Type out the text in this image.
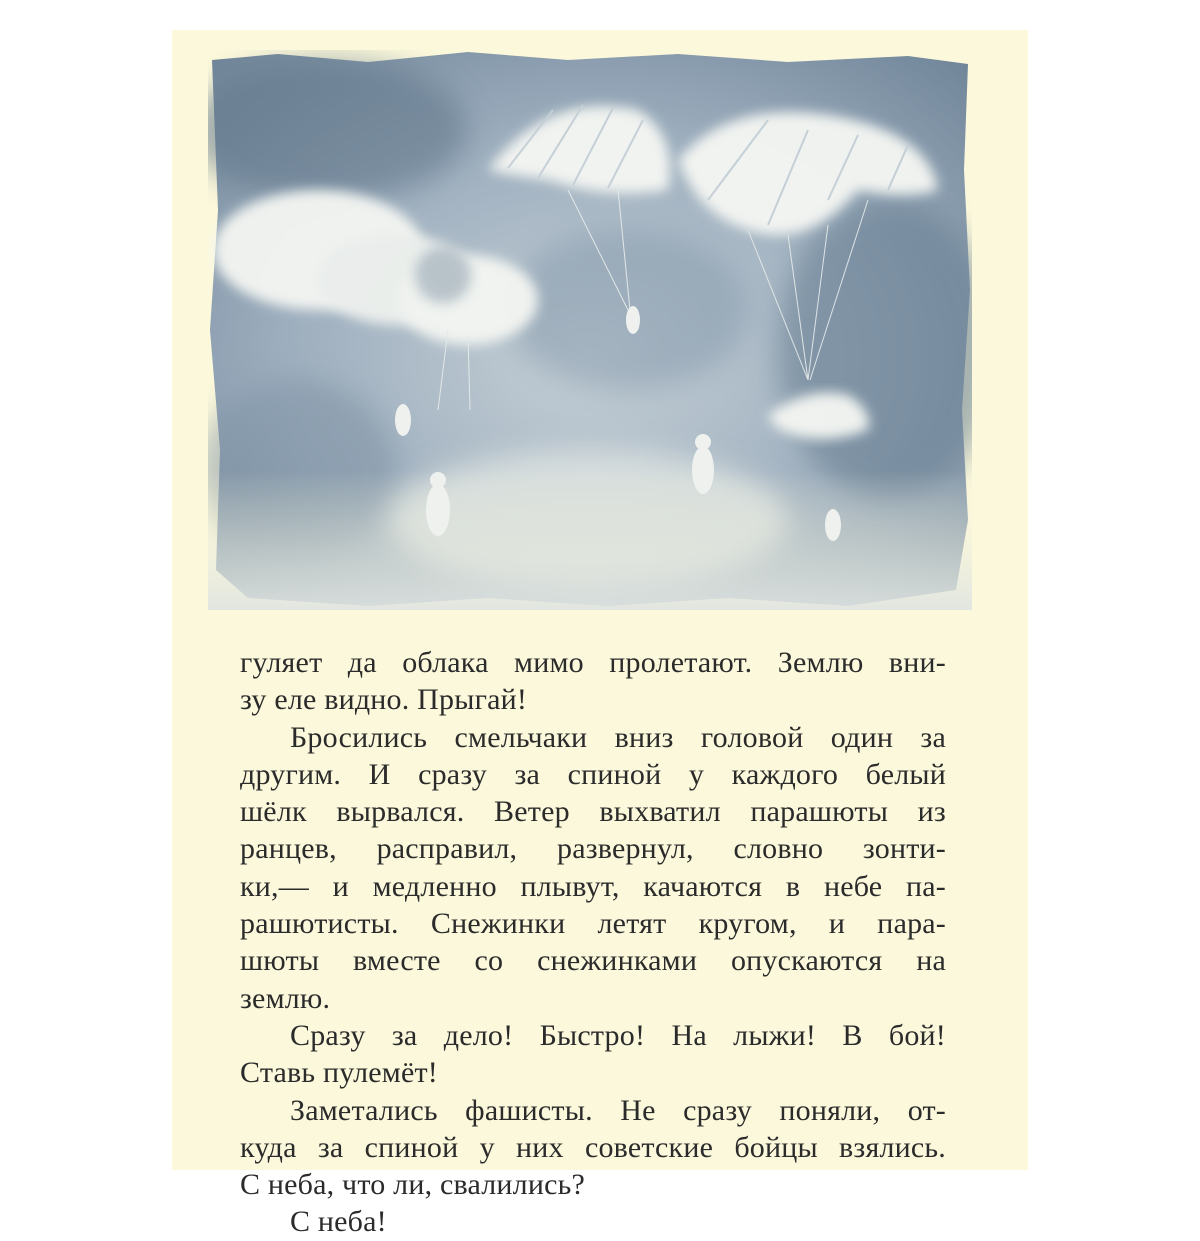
гуляет да облака мимо пролетают. Землю вни-
зу еле видно. Прыгай!
Бросились смельчаки вниз головой один за
другим. И сразу за спиной у каждого белый
шёлк вырвался. Ветер выхватил парашюты из
ранцев, расправил, развернул, словно зонти-
ки,— и медленно плывут, качаются в небе па-
рашютисты. Снежинки летят кругом, и пара-
шюты вместе со снежинками опускаются на
землю.
Сразу за дело! Быстро! На лыжи! В бой!
Ставь пулемёт!
Заметались фашисты. Не сразу поняли, от-
куда за спиной у них советские бойцы взялись.
С неба, что ли, свалились?
С неба!
